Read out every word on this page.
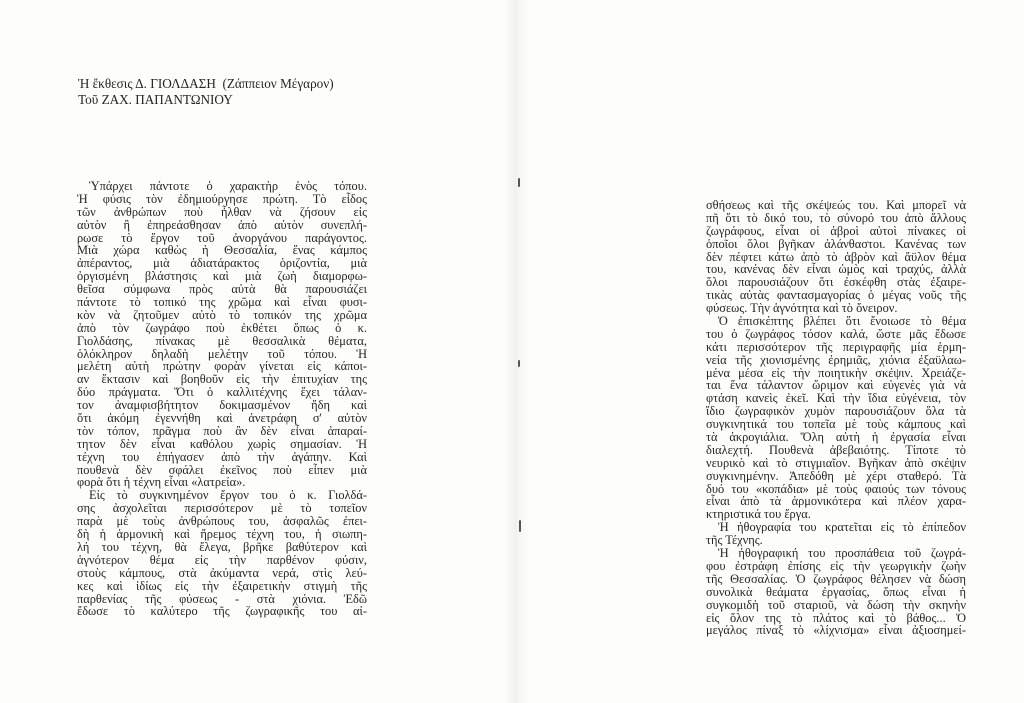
Ἡ ἔκθεσις Δ. ΓΙΟΛΔΑΣΗ  (Ζάππειον Μέγαρον)
Τοῦ ΖΑΧ. ΠΑΠΑΝΤΩΝΙΟΥ
Ὑπάρχει πάντοτε ὁ χαρακτὴρ ἑνὸς τόπου.
Ἡ φύσις τὸν ἐδημιούργησε πρώτη. Τὸ εἶδος
τῶν ἀνθρώπων ποὺ ἦλθαν νὰ ζήσουν εἰς
αὐτὸν ἢ ἐπηρεάσθησαν ἀπὸ αὐτὸν συνεπλή-
ρωσε τὸ ἔργον τοῦ ἀνοργάνου παράγοντος.
Μιὰ χώρα καθὼς ἡ Θεσσαλία, ἕνας κάμπος
ἀπέραντος, μιὰ ἀδιατάρακτος ὁριζοντία, μιὰ
ὀργισμένη βλάστησις καὶ μιὰ ζωὴ διαμορφω-
θεῖσα σύμφωνα πρὸς αὐτὰ θὰ παρουσιάζει
πάντοτε τὸ τοπικό της χρῶμα καὶ εἶναι φυσι-
κὸν νὰ ζητοῦμεν αὐτὸ τὸ τοπικόν της χρῶμα
ἀπὸ τὸν ζωγράφο ποὺ ἐκθέτει ὅπως ὁ κ.
Γιολδάσης, πίνακας μὲ θεσσαλικὰ θέματα,
ὁλόκληρον δηλαδὴ μελέτην τοῦ τόπου. Ἡ
μελέτη αὐτὴ πρώτην φορὰν γίνεται εἰς κάποι-
αν ἔκτασιν καὶ βοηθοῦν εἰς τὴν ἐπιτυχίαν της
δύο πράγματα. Ὅτι ὁ καλλιτέχνης ἔχει τάλαν-
τον ἀναμφισβήτητον δοκιμασμένον ἤδη καὶ
ὅτι ἀκόμη ἐγεννήθη καὶ ἀνετράφη σ' αὐτὸν
τὸν τόπον, πρᾶγμα ποὺ ἂν δὲν εἶναι ἀπαραί-
τητον δὲν εἶναι καθόλου χωρὶς σημασίαν. Ἡ
τέχνη του ἐπήγασεν ἀπὸ τὴν ἀγάπην. Καὶ
πουθενὰ δὲν σφάλει ἐκεῖνος ποὺ εἶπεν μιὰ
φορὰ ὅτι ἡ τέχνη εἶναι «λατρεία».
Εἰς τὸ συγκινημένον ἔργον του ὁ κ. Γιολδά-
σης ἀσχολεῖται περισσότερον μὲ τὸ τοπεῖον
παρὰ μὲ τοὺς ἀνθρώπους του, ἀσφαλῶς ἐπει-
δὴ ἡ ἁρμονικὴ καὶ ἤρεμος τέχνη του, ἡ σιωπη-
λή του τέχνη, θὰ ἔλεγα, βρῆκε βαθύτερον καὶ
ἁγνότερον θέμα εἰς τὴν παρθένον φύσιν,
στοὺς κάμπους, στὰ ἀκύμαντα νερά, στὶς λεύ-
κες καὶ ἰδίως εἰς τὴν ἐξαιρετικὴν στιγμὴ τῆς
παρθενίας τῆς φύσεως - στὰ χιόνια. Ἐδῶ
ἔδωσε τὸ καλύτερο τῆς ζωγραφικῆς του αἰ-
σθήσεως καὶ τῆς σκέψεώς του. Καὶ μπορεῖ νὰ
πῆ ὅτι τὸ δικό του, τὸ σύνορό του ἀπὸ ἄλλους
ζωγράφους, εἶναι οἱ ἁβροὶ αὐτοὶ πίνακες οἱ
ὁποῖοι ὅλοι βγῆκαν ἀλάνθαστοι. Κανένας των
δὲν πέφτει κάτω ἀπὸ τὸ ἁβρὸν καὶ ἄϋλον θέμα
του, κανένας δὲν εἶναι ὠμὸς καὶ τραχύς, ἀλλὰ
ὅλοι παρουσιάζουν ὅτι ἐσκέφθη στὰς ἐξαιρε-
τικὰς αὐτὰς φαντασμαγορίας ὁ μέγας νοῦς τῆς
φύσεως. Τὴν ἁγνότητα καὶ τὸ ὄνειρον.
Ὁ ἐπισκέπτης βλέπει ὅτι ἔνοιωσε τὸ θέμα
του ὁ ζωγράφος τόσον καλά, ὥστε μᾶς ἔδωσε
κάτι περισσότερον τῆς περιγραφῆς μία ἑρμη-
νεία τῆς χιονισμένης ἐρημιᾶς, χιόνια ἐξαϋλαω-
μένα μέσα εἰς τὴν ποιητικὴν σκέψιν. Χρειάζε-
ται ἕνα τάλαντον ὥριμον καὶ εὐγενὲς γιὰ νὰ
φτάση κανεὶς ἐκεῖ. Καὶ τὴν ἴδια εὐγένεια, τὸν
ἴδιο ζωγραφικὸν χυμὸν παρουσιάζουν ὅλα τὰ
συγκινητικά του τοπεῖα μὲ τοὺς κάμπους καὶ
τὰ ἀκρογιάλια. Ὅλη αὐτὴ ἡ ἐργασία εἶναι
διαλεχτή. Πουθενὰ ἀβεβαιότης. Τίποτε τὸ
νευρικὸ καὶ τὸ στιγμιαῖον. Βγῆκαν ἀπὸ σκέψιν
συγκινημένην. Ἀπεδόθη μὲ χέρι σταθερό. Τὰ
δυό του «κοπάδια» μὲ τοὺς φαιούς των τόνους
εἶναι ἀπὸ τὰ ἁρμονικότερα καὶ πλέον χαρα-
κτηριστικά του ἔργα.
Ἡ ἠθογραφία του κρατεῖται εἰς τὸ ἐπίπεδον
τῆς Τέχνης.
Ἡ ἠθογραφική του προσπάθεια τοῦ ζωγρά-
φου ἐστράφη ἐπίσης εἰς τὴν γεωργικὴν ζωὴν
τῆς Θεσσαλίας. Ὁ ζωγράφος θέλησεν νὰ δώση
συνολικὰ θεάματα ἐργασίας, ὅπως εἶναι ἡ
συγκομιδὴ τοῦ σταριοῦ, νὰ δώση τὴν σκηνὴν
εἰς ὅλον της τὸ πλάτος καὶ τὸ βάθος... Ὁ
μεγάλος πίναξ τὸ «λίχνισμα» εἶναι ἀξιοσημεί-
